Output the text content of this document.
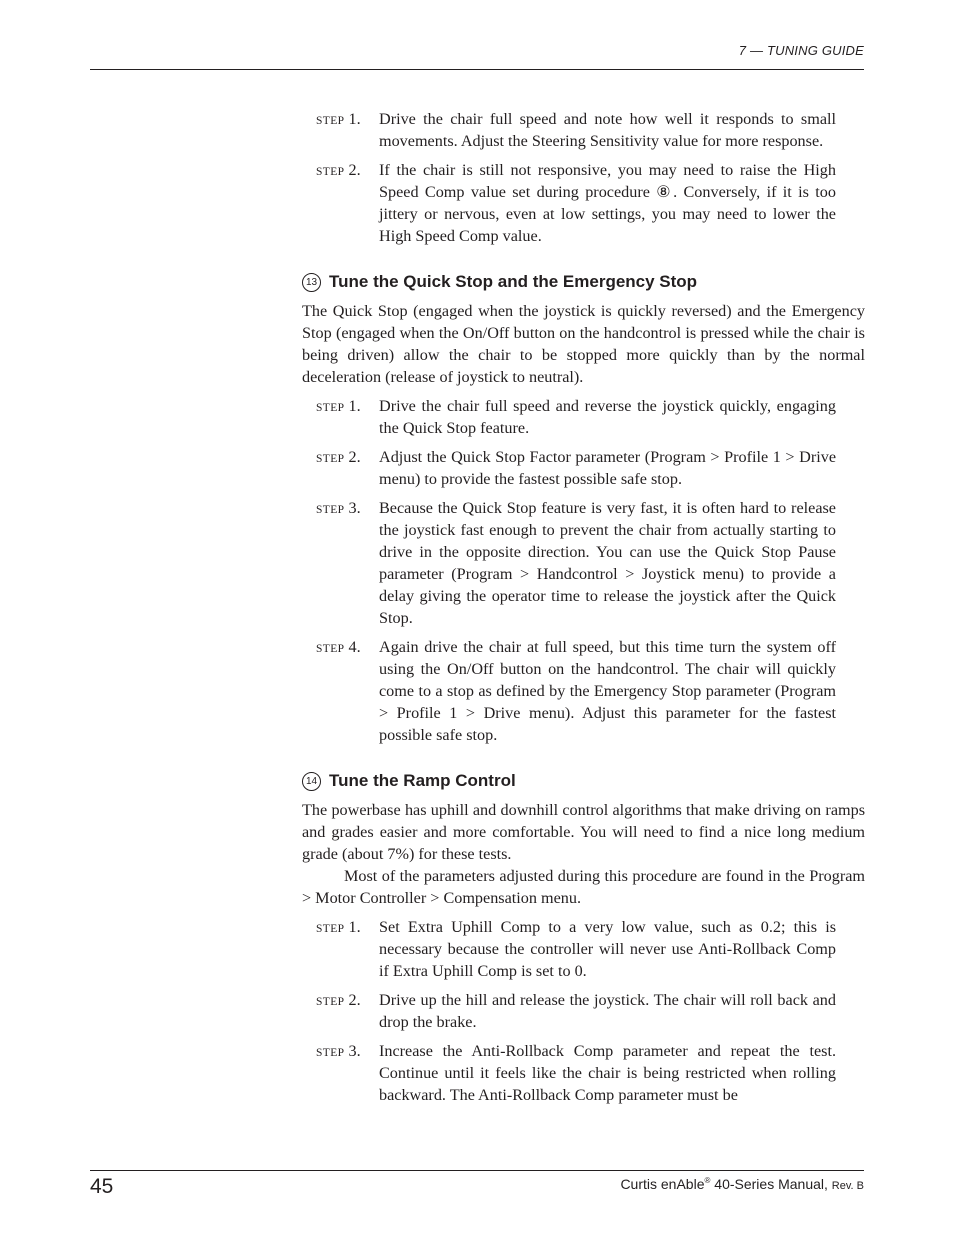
7 — TUNING GUIDE
STEP 1.	Drive the chair full speed and note how well it responds to small movements. Adjust the Steering Sensitivity value for more response.
STEP 2.	If the chair is still not responsive, you may need to raise the High Speed Comp value set during procedure ⑧. Conversely, if it is too jittery or nervous, even at low settings, you may need to lower the High Speed Comp value.
13 Tune the Quick Stop and the Emergency Stop

The Quick Stop (engaged when the joystick is quickly reversed) and the Emergency Stop (engaged when the On/Off button on the handcontrol is pressed while the chair is being driven) allow the chair to be stopped more quickly than by the normal deceleration (release of joystick to neutral).

STEP 1.	Drive the chair full speed and reverse the joystick quickly, engaging the Quick Stop feature.
STEP 2.	Adjust the Quick Stop Factor parameter (Program > Profile 1 > Drive menu) to provide the fastest possible safe stop.
STEP 3.	Because the Quick Stop feature is very fast, it is often hard to release the joystick fast enough to prevent the chair from actually starting to drive in the opposite direction. You can use the Quick Stop Pause parameter (Program > Handcontrol > Joystick menu) to provide a delay giving the operator time to release the joystick after the Quick Stop.
STEP 4.	Again drive the chair at full speed, but this time turn the system off using the On/Off button on the handcontrol. The chair will quickly come to a stop as defined by the Emergency Stop parameter (Program > Profile 1 > Drive menu). Adjust this parameter for the fastest possible safe stop.
14 Tune the Ramp Control

The powerbase has uphill and downhill control algorithms that make driving on ramps and grades easier and more comfortable. You will need to find a nice long medium grade (about 7%) for these tests.

Most of the parameters adjusted during this procedure are found in the Program > Motor Controller > Compensation menu.

STEP 1.	Set Extra Uphill Comp to a very low value, such as 0.2; this is necessary because the controller will never use Anti-Rollback Comp if Extra Uphill Comp is set to 0.
STEP 2.	Drive up the hill and release the joystick. The chair will roll back and drop the brake.
STEP 3.	Increase the Anti-Rollback Comp parameter and repeat the test. Continue until it feels like the chair is being restricted when rolling backward. The Anti-Rollback Comp parameter must be
45	Curtis enAble® 40-Series Manual, Rev. B
